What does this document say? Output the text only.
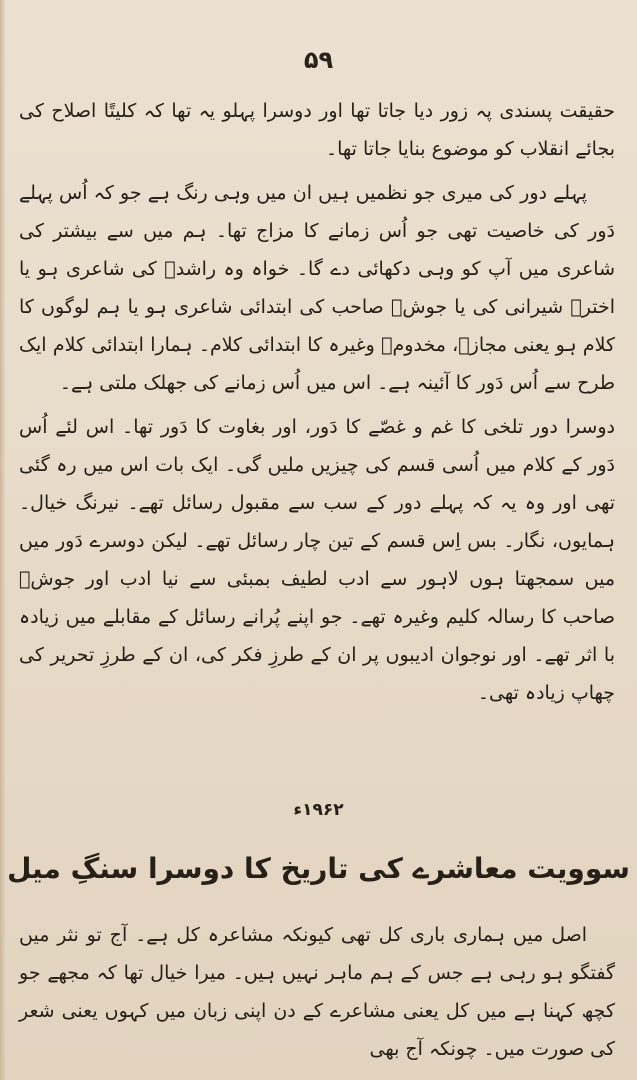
۵۹

حقیقت پسندی پہ زور دیا جاتا تھا اور دوسرا پہلو یہ تھا کہ کلیتًا اصلاح کی بجائے انقلاب کو موضوع بنایا جاتا تھا۔

پہلے دور کی میری جو نظمیں ہیں ان میں وہی رنگ ہے جو کہ اُس پہلے دَور کی خاصیت تھی جو اُس زمانے کا مزاج تھا۔ ہم میں سے بیشتر کی شاعری میں آپ کو وہی دکھائی دے گا۔ خواہ وہ راشدؔ کی شاعری ہو یا اخترؔ شیرانی کی یا جوشؔ صاحب کی ابتدائی شاعری ہو یا ہم لوگوں کا کلام ہو یعنی مجازؔ، مخدومؔ وغیرہ کا ابتدائی کلام۔ ہمارا ابتدائی کلام ایک طرح سے اُس دَور کا آئینہ ہے۔ اس میں اُس زمانے کی جھلک ملتی ہے۔

دوسرا دور تلخی کا غم و غصّے کا دَور، اور بغاوت کا دَور تھا۔ اس لئے اُس دَور کے کلام میں اُسی قسم کی چیزیں ملیں گی۔ ایک بات اس میں رہ گئی تھی اور وہ یہ کہ پہلے دور کے سب سے مقبول رسائل تھے۔ نیرنگ خیال۔ ہمایوں، نگار۔ بس اِس قسم کے تین چار رسائل تھے۔ لیکن دوسرے دَور میں میں سمجھتا ہوں لاہور سے ادب لطیف بمبئی سے نیا ادب اور جوشؔ صاحب کا رسالہ کلیم وغیرہ تھے۔ جو اپنے پُرانے رسائل کے مقابلے میں زیادہ با اثر تھے۔ اور نوجوان ادیبوں پر ان کے طرزِ فکر کی، ان کے طرزِ تحریر کی چھاپ زیادہ تھی۔

۱۹۶۲ء
سوویت معاشرے کی تاریخ کا دوسرا سنگِ میل

اصل میں ہماری باری کل تھی کیونکہ مشاعرہ کل ہے۔ آج تو نثر میں گفتگو ہو رہی ہے جس کے ہم ماہر نہیں ہیں۔ میرا خیال تھا کہ مجھے جو کچھ کہنا ہے میں کل یعنی مشاعرے کے دن اپنی زبان میں کہوں یعنی شعر کی صورت میں۔ چونکہ آج بھی
